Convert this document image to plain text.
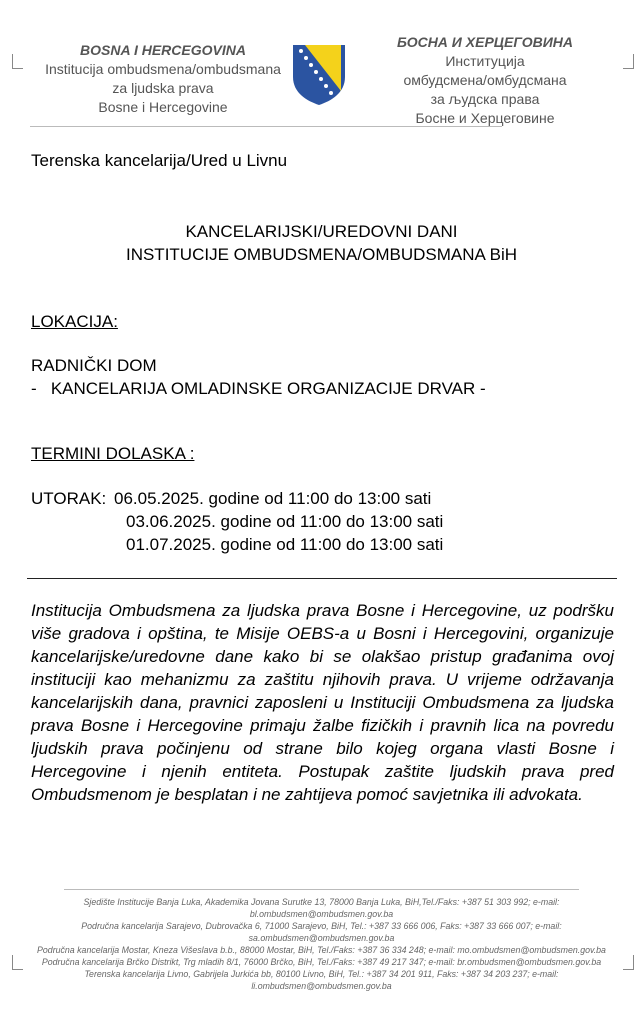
BOSNA I HERCEGOVINA
Institucija ombudsmena/ombudsmana
za ljudska prava
Bosne i Hercegovine
БОСНА И ХЕРЦЕГОВИНА
Институција
омбудсмена/омбудсмана
за људска права
Босне и Херцеговине
Terenska kancelarija/Ured u Livnu
KANCELARIJSKI/UREDOVNI DANI
INSTITUCIJE OMBUDSMENA/OMBUDSMANA BiH
LOKACIJA:
RADNIČKI DOM
-   KANCELARIJA OMLADINSKE ORGANIZACIJE DRVAR -
TERMINI DOLASKA :
UTORAK: 06.05.2025. godine od 11:00 do 13:00 sati
03.06.2025. godine od 11:00 do 13:00 sati
01.07.2025. godine od 11:00 do 13:00 sati
Institucija Ombudsmena za ljudska prava Bosne i Hercegovine, uz podršku više gradova i opština, te Misije OEBS-a u Bosni i Hercegovini, organizuje kancelarijske/uredovne dane kako bi se olakšao pristup građanima ovoj instituciji kao mehanizmu za zaštitu njihovih prava. U vrijeme održavanja kancelarijskih dana, pravnici zaposleni u Instituciji Ombudsmena za ljudska prava Bosne i Hercegovine primaju žalbe fizičkih i pravnih lica na povredu ljudskih prava počinjenu od strane bilo kojeg organa vlasti Bosne i Hercegovine i njenih entiteta. Postupak zaštite ljudskih prava pred Ombudsmenom je besplatan i ne zahtijeva pomoć savjetnika ili advokata.
Sjedište Institucije Banja Luka, Akademika Jovana Surutke 13, 78000 Banja Luka, BiH,Tel./Faks: +387 51 303 992; e-mail:
bl.ombudsmen@ombudsmen.gov.ba
Područna kancelarija Sarajevo, Dubrovačka 6, 71000 Sarajevo, BiH, Tel.: +387 33 666 006, Faks: +387 33 666 007; e-mail:
sa.ombudsmen@ombudsmen.gov.ba
Područna kancelarija Mostar, Kneza Višeslava b.b., 88000 Mostar, BiH, Tel./Faks: +387 36 334 248; e-mail: mo.ombudsmen@ombudsmen.gov.ba
Područna kancelarija Brčko Distrikt, Trg mladih 8/1, 76000 Brčko, BiH, Tel./Faks: +387 49 217 347; e-mail: br.ombudsmen@ombudsmen.gov.ba
Terenska kancelarija Livno, Gabrijela Jurkića bb, 80100 Livno, BiH, Tel.: +387 34 201 911, Faks: +387 34 203 237; e-mail:
li.ombudsmen@ombudsmen.gov.ba
